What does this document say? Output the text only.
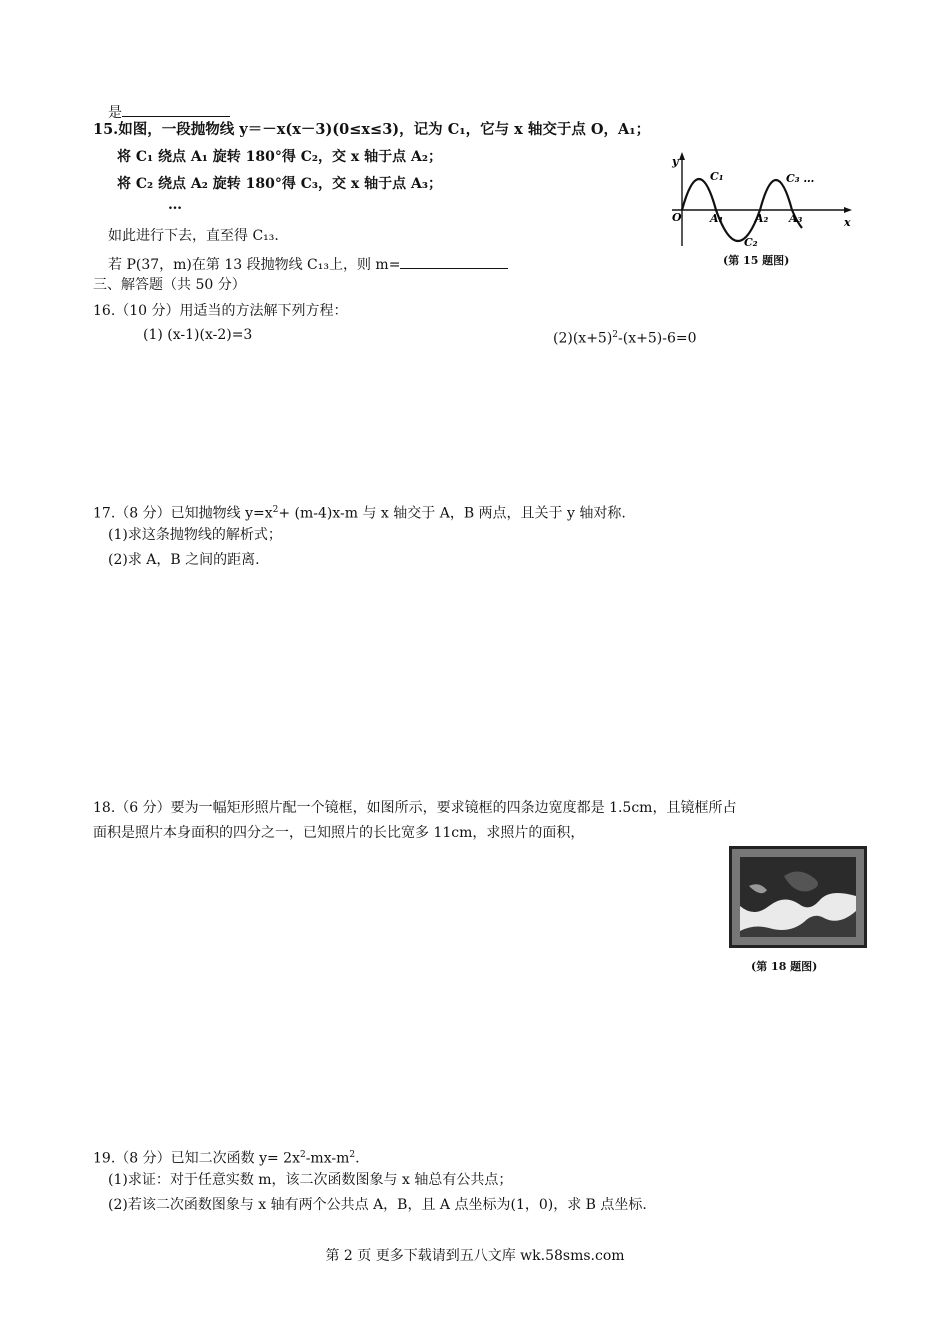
是
15.如图，一段抛物线 y＝－x(x－3)(0≤x≤3)，记为 C₁，它与 x 轴交于点 O，A₁；
将 C₁ 绕点 A₁ 旋转 180°得 C₂，交 x 轴于点 A₂；
将 C₂ 绕点 A₂ 旋转 180°得 C₃，交 x 轴于点 A₃；
…
如此进行下去，直至得 C₁₃.
若 P(37，m)在第 13 段抛物线 C₁₃上，则 m=
y
x
O
C₁
C₂
C₃ …
A₁	A₂ A₃
(第 15 题图)
三、解答题（共 50 分）
16.（10 分）用适当的方法解下列方程：
(1) (x-1)(x-2)=3	$(2)(x+5)^2-(x+5)-6=0$
17.（8 分）已知抛物线 $y=x^2+ (m-4)x-m$ 与 x 轴交于 A，B 两点，且关于 y 轴对称.
(1)求这条抛物线的解析式；
(2)求 A，B 之间的距离.
18.（6 分）要为一幅矩形照片配一个镜框，如图所示，要求镜框的四条边宽度都是 1.5cm，且镜框所占
面积是照片本身面积的四分之一，已知照片的长比宽多 11cm，求照片的面积，
(第 18 题图)
19.（8 分）已知二次函数 $y= 2x^2-mx-m^2$.
(1)求证：对于任意实数 m，该二次函数图象与 x 轴总有公共点；
(2)若该二次函数图象与 x 轴有两个公共点 A，B，且 A 点坐标为(1，0)，求 B 点坐标.
第 2 页 更多下载请到五八文库 wk.58sms.com
